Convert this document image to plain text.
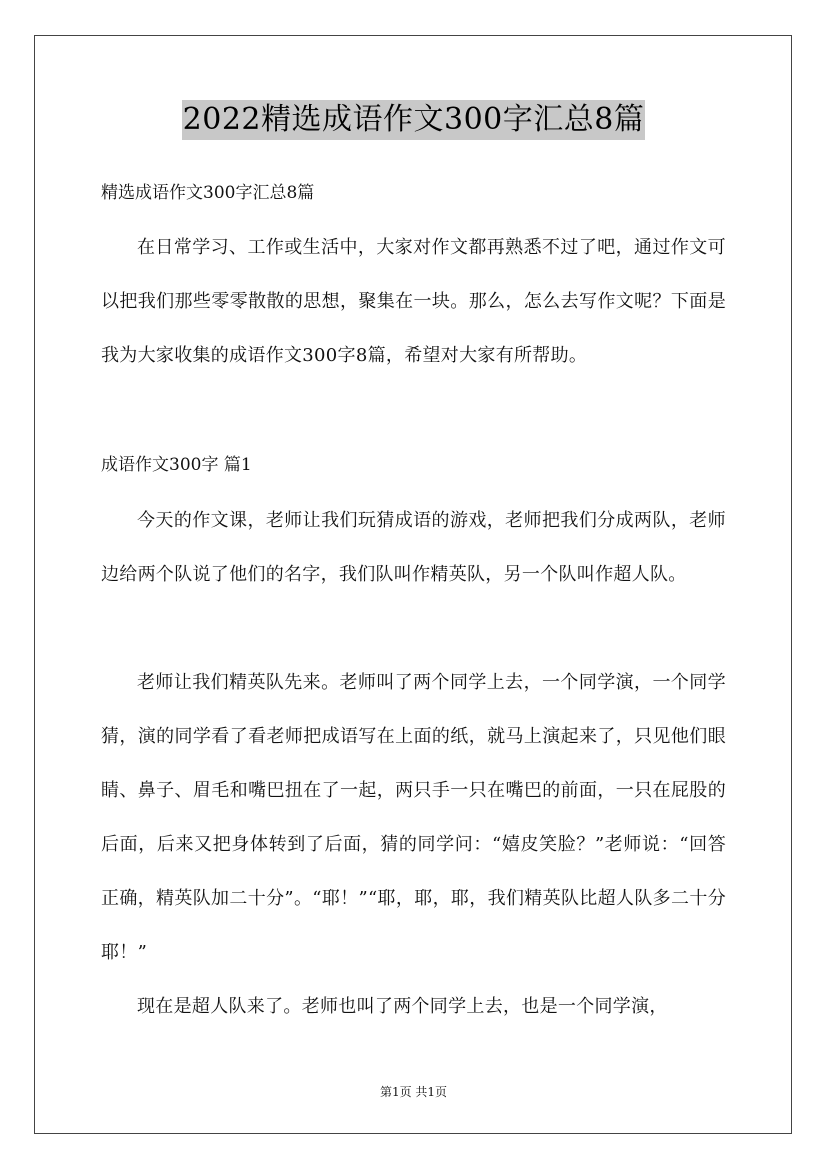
2022精选成语作文300字汇总8篇
精选成语作文300字汇总8篇

在日常学习、工作或生活中，大家对作文都再熟悉不过了吧，通过作文可以把我们那些零零散散的思想，聚集在一块。那么，怎么去写作文呢？下面是我为大家收集的成语作文300字8篇，希望对大家有所帮助。

成语作文300字 篇1

今天的作文课，老师让我们玩猜成语的游戏，老师把我们分成两队，老师边给两个队说了他们的名字，我们队叫作精英队，另一个队叫作超人队。

老师让我们精英队先来。老师叫了两个同学上去，一个同学演，一个同学猜，演的同学看了看老师把成语写在上面的纸，就马上演起来了，只见他们眼睛、鼻子、眉毛和嘴巴扭在了一起，两只手一只在嘴巴的前面，一只在屁股的后面，后来又把身体转到了后面，猜的同学问：“嬉皮笑脸？”老师说：“回答正确，精英队加二十分”。“耶！”“耶，耶，耶，我们精英队比超人队多二十分耶！”

现在是超人队来了。老师也叫了两个同学上去，也是一个同学演，

第1页 共1页
